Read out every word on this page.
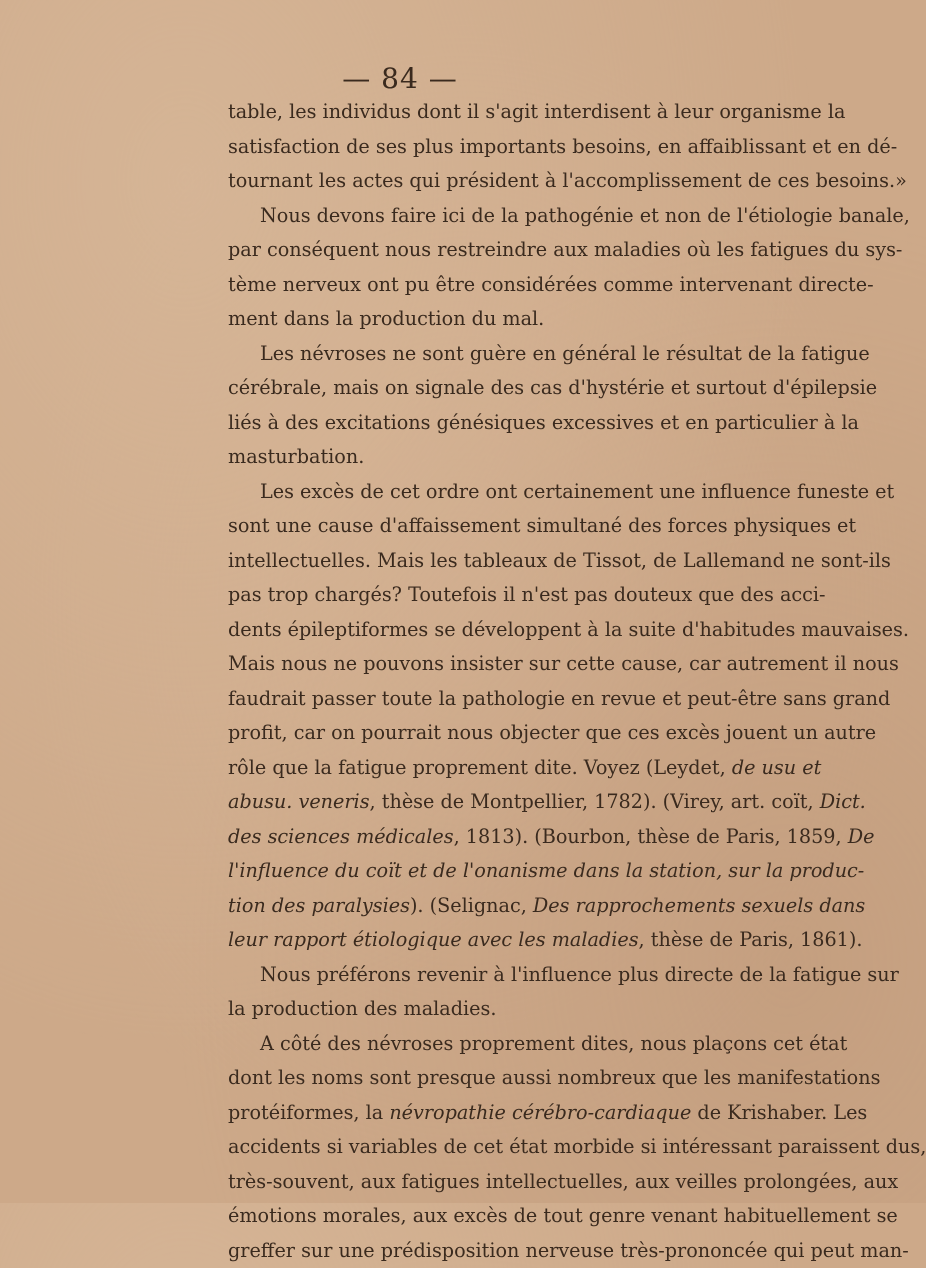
— 84 —
table, les individus dont il s'agit interdisent à leur organisme la
satisfaction de ses plus importants besoins, en affaiblissant et en dé-
tournant les actes qui président à l'accomplissement de ces besoins.»
Nous devons faire ici de la pathogénie et non de l'étiologie banale,
par conséquent nous restreindre aux maladies où les fatigues du sys-
tème nerveux ont pu être considérées comme intervenant directe-
ment dans la production du mal.
Les névroses ne sont guère en général le résultat de la fatigue
cérébrale, mais on signale des cas d'hystérie et surtout d'épilepsie
liés à des excitations génésiques excessives et en particulier à la
masturbation.
Les excès de cet ordre ont certainement une influence funeste et
sont une cause d'affaissement simultané des forces physiques et
intellectuelles. Mais les tableaux de Tissot, de Lallemand ne sont-ils
pas trop chargés? Toutefois il n'est pas douteux que des acci-
dents épileptiformes se développent à la suite d'habitudes mauvaises.
Mais nous ne pouvons insister sur cette cause, car autrement il nous
faudrait passer toute la pathologie en revue et peut-être sans grand
profit, car on pourrait nous objecter que ces excès jouent un autre
rôle que la fatigue proprement dite. Voyez (Leydet, de usu et
abusu. veneris, thèse de Montpellier, 1782). (Virey, art. coït, Dict.
des sciences médicales, 1813). (Bourbon, thèse de Paris, 1859, De
l'influence du coït et de l'onanisme dans la station, sur la produc-
tion des paralysies). (Selignac, Des rapprochements sexuels dans
leur rapport étiologique avec les maladies, thèse de Paris, 1861).
Nous préférons revenir à l'influence plus directe de la fatigue sur
la production des maladies.
A côté des névroses proprement dites, nous plaçons cet état
dont les noms sont presque aussi nombreux que les manifestations
protéiformes, la névropathie cérébro-cardiaque de Krishaber. Les
accidents si variables de cet état morbide si intéressant paraissent dus,
très-souvent, aux fatigues intellectuelles, aux veilles prolongées, aux
émotions morales, aux excès de tout genre venant habituellement se
greffer sur une prédisposition nerveuse très-prononcée qui peut man-
